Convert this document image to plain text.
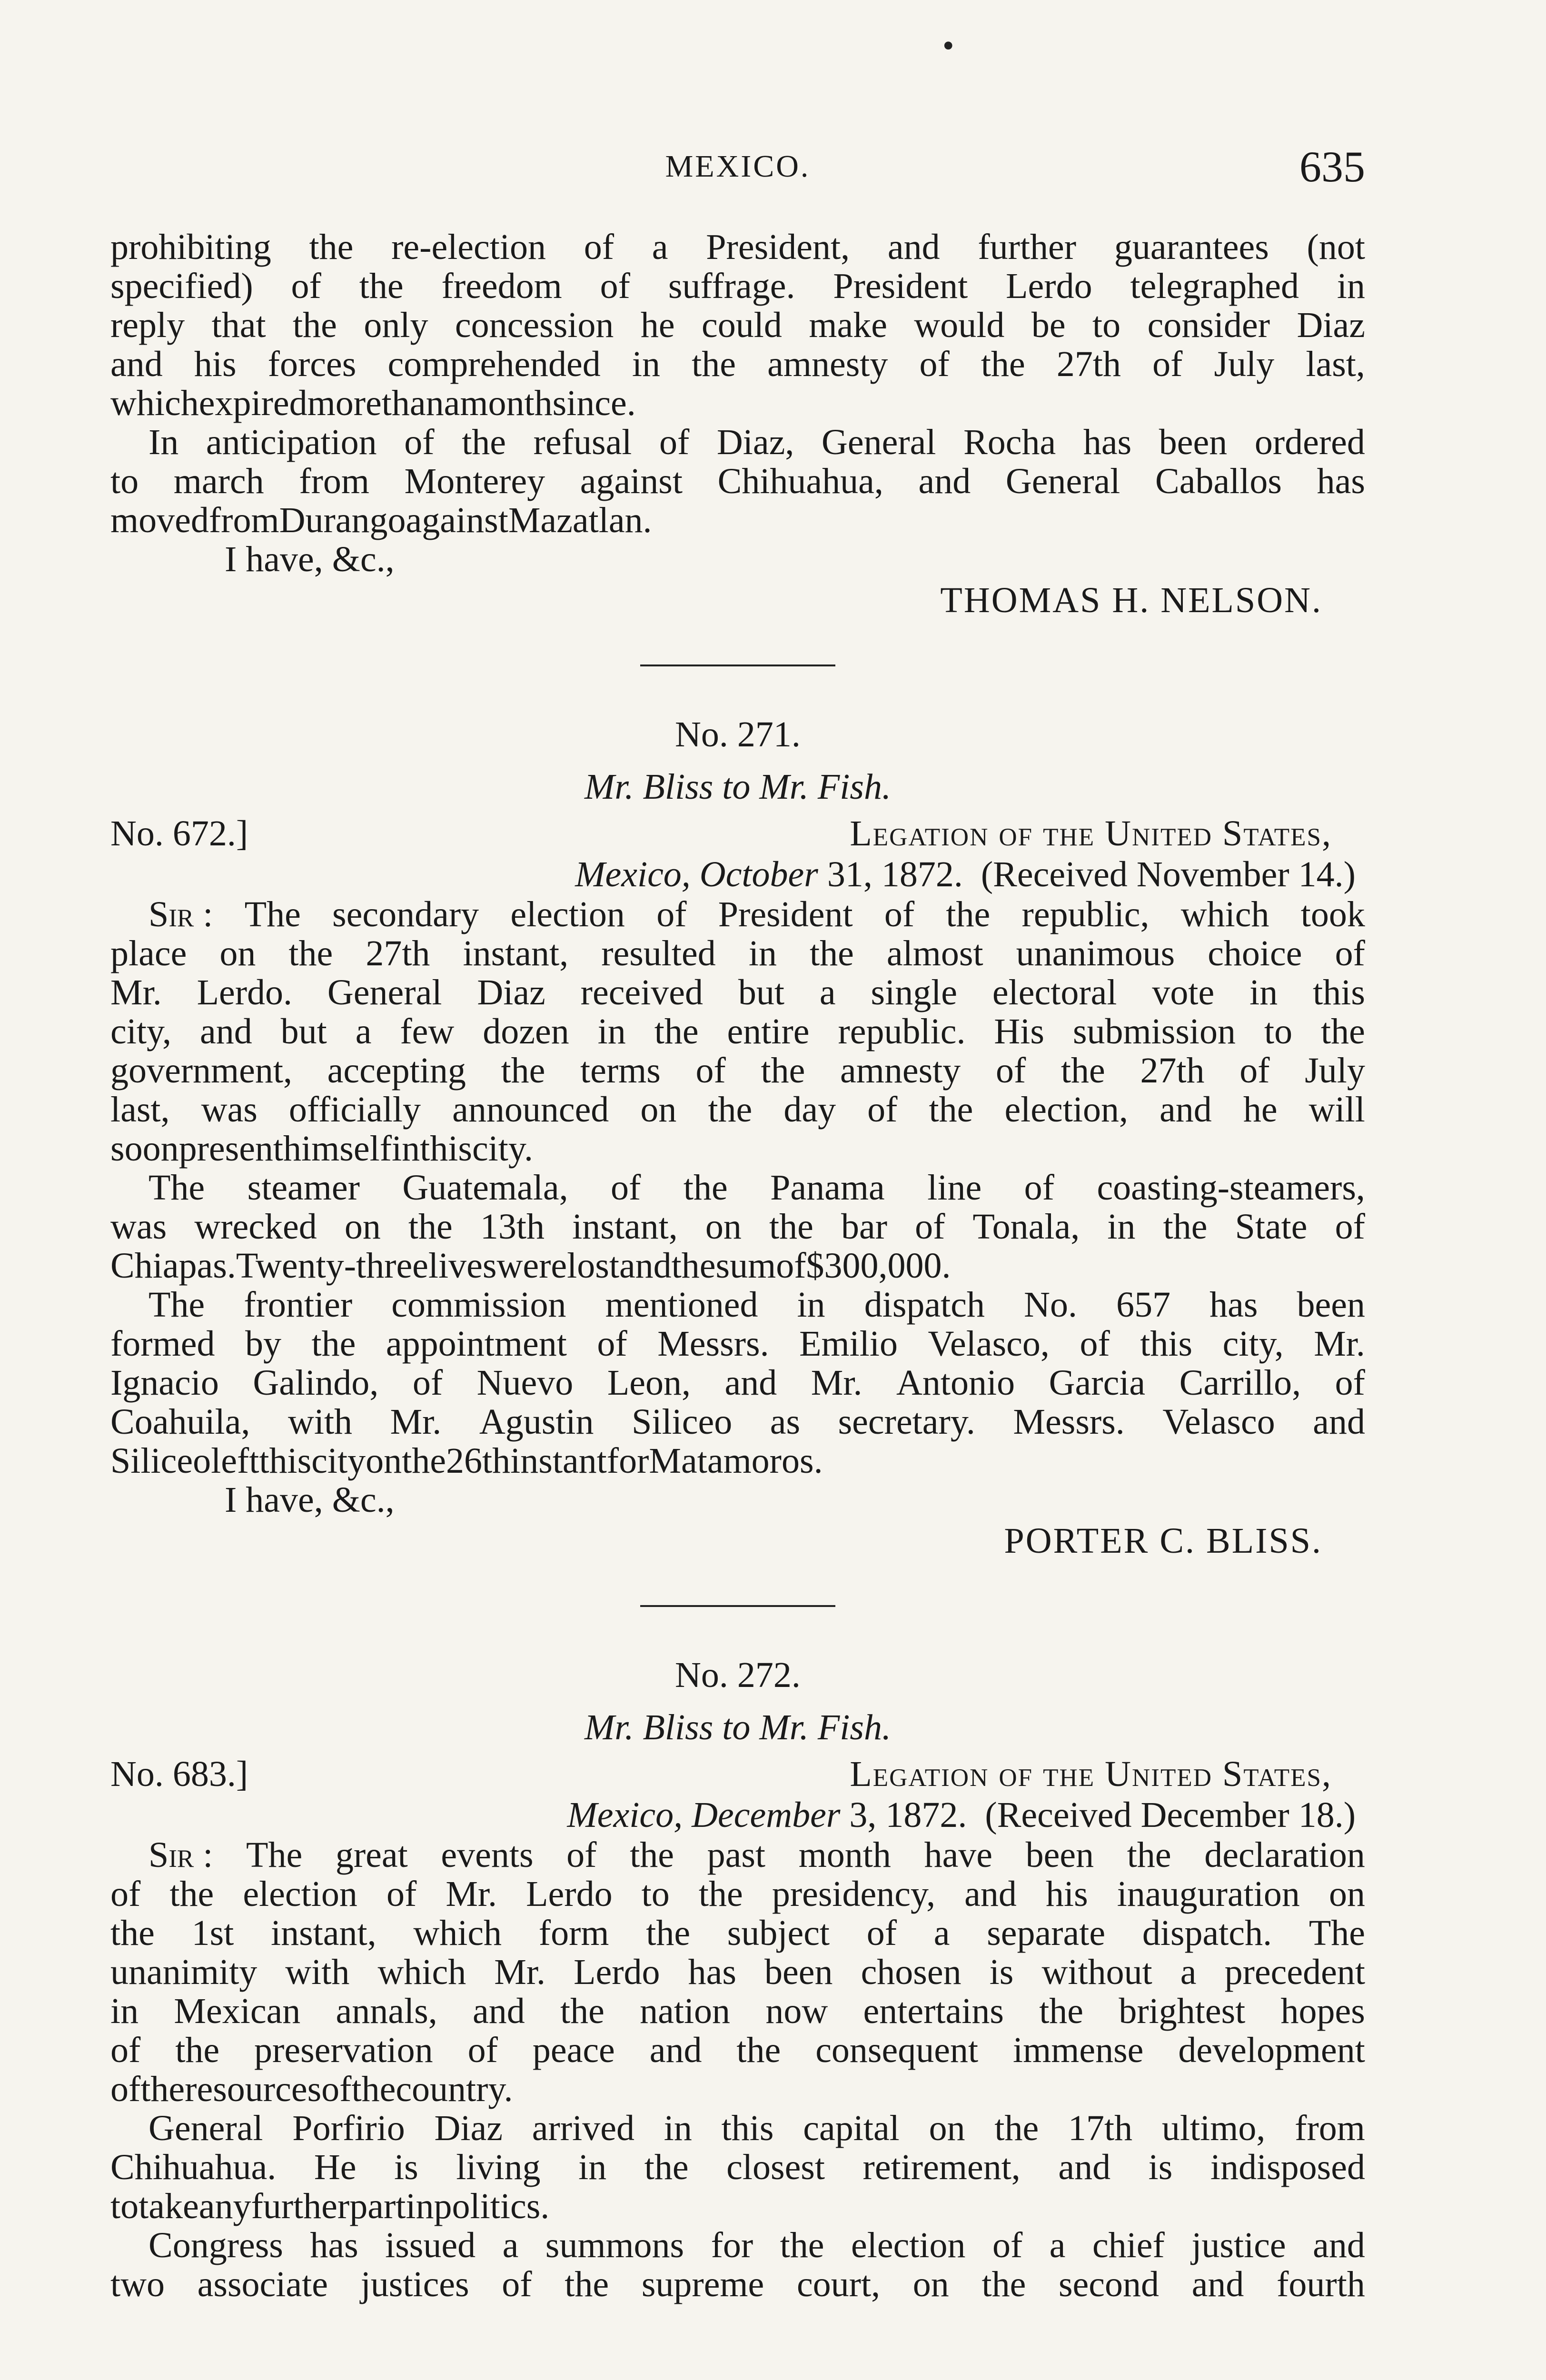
•
MEXICO.	635
prohibiting the re-election of a President, and further guarantees (not
specified) of the freedom of suffrage. President Lerdo telegraphed in
reply that the only concession he could make would be to consider Diaz
and his forces comprehended in the amnesty of the 27th of July last,
which expired more than a month since.
In anticipation of the refusal of Diaz, General Rocha has been ordered
to march from Monterey against Chihuahua, and General Caballos has
moved from Durango against Mazatlan.
I have, &c.,
THOMAS H. NELSON.
No. 271.
Mr. Bliss to Mr. Fish.
No. 672.]	Legation of the United States,
Mexico, October 31, 1872. (Received November 14.)
Sir : The secondary election of President of the republic, which took
place on the 27th instant, resulted in the almost unanimous choice of
Mr. Lerdo. General Diaz received but a single electoral vote in this
city, and but a few dozen in the entire republic. His submission to the
government, accepting the terms of the amnesty of the 27th of July
last, was officially announced on the day of the election, and he will
soon present himself in this city.
The steamer Guatemala, of the Panama line of coasting-steamers,
was wrecked on the 13th instant, on the bar of Tonala, in the State of
Chiapas. Twenty-three lives were lost and the sum of $300,000.
The frontier commission mentioned in dispatch No. 657 has been
formed by the appointment of Messrs. Emilio Velasco, of this city, Mr.
Ignacio Galindo, of Nuevo Leon, and Mr. Antonio Garcia Carrillo, of
Coahuila, with Mr. Agustin Siliceo as secretary. Messrs. Velasco and
Siliceo left this city on the 26th instant for Matamoros.
I have, &c.,
PORTER C. BLISS.
No. 272.
Mr. Bliss to Mr. Fish.
No. 683.]	Legation of the United States,
Mexico, December 3, 1872. (Received December 18.)
Sir : The great events of the past month have been the declaration
of the election of Mr. Lerdo to the presidency, and his inauguration on
the 1st instant, which form the subject of a separate dispatch. The
unanimity with which Mr. Lerdo has been chosen is without a precedent
in Mexican annals, and the nation now entertains the brightest hopes
of the preservation of peace and the consequent immense development
of the resources of the country.
General Porfirio Diaz arrived in this capital on the 17th ultimo, from
Chihuahua. He is living in the closest retirement, and is indisposed
to take any further part in politics.
Congress has issued a summons for the election of a chief justice and
two associate justices of the supreme court, on the second and fourth
